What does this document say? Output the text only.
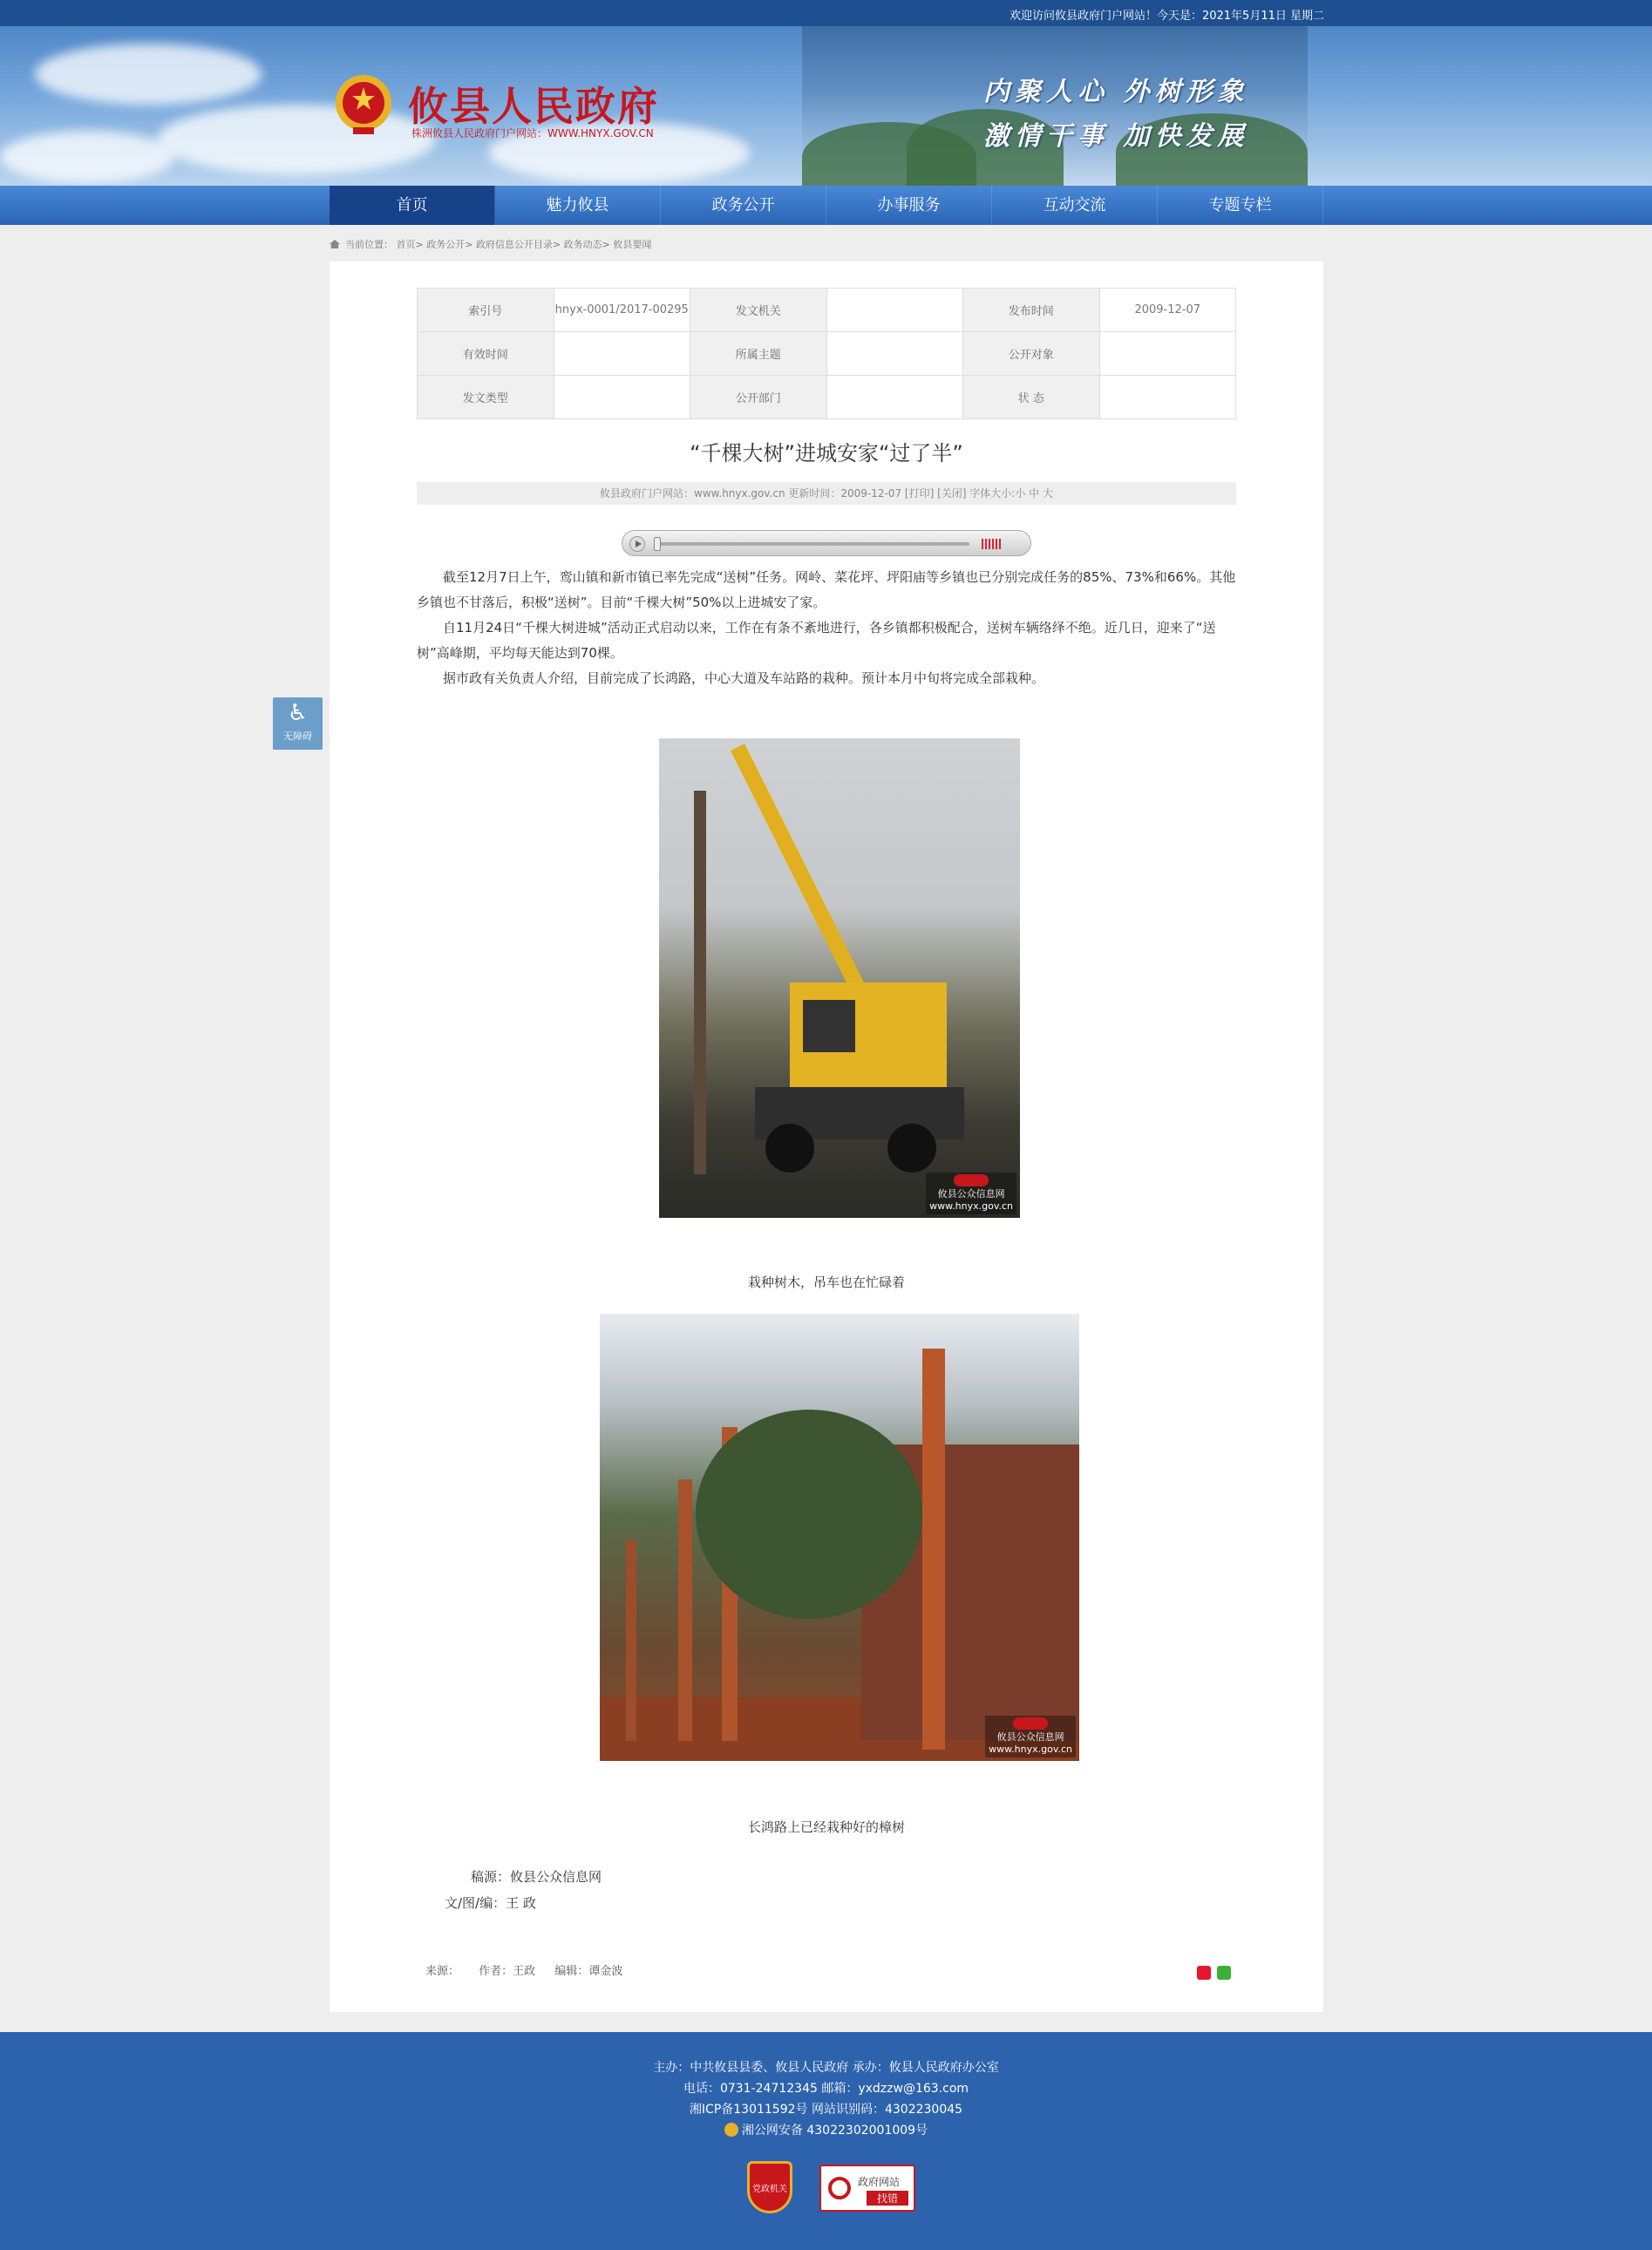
欢迎访问攸县政府门户网站！今天是：2021年5月11日 星期二
攸县人民政府
株洲攸县人民政府门户网站：WWW.HNYX.GOV.CN
内聚人心 外树形象
激情干事 加快发展
首页	魅力攸县	政务公开	办事服务	互动交流	专题专栏
当前位置： 首页> 政务公开> 政府信息公开目录> 政务动态> 攸县要闻
♿
无障碍
索引号	hnyx-0001/2017-00295	发文机关		发布时间	2009-12-07
有效时间		所属主题		公开对象	
发文类型		公开部门		状 态	
“千棵大树”进城安家“过了半”
攸县政府门户网站：www.hnyx.gov.cn 更新时间：2009-12-07 [打印] [关闭] 字体大小:小 中 大

截至12月7日上午，鸾山镇和新市镇已率先完成“送树”任务。网岭、菜花坪、坪阳庙等乡镇也已分别完成任务的85%、73%和66%。其他乡镇也不甘落后，积极“送树”。目前“千棵大树”50%以上进城安了家。

自11月24日“千棵大树进城”活动正式启动以来，工作在有条不紊地进行，各乡镇都积极配合，送树车辆络绎不绝。近几日，迎来了“送树”高峰期，平均每天能达到70棵。

据市政有关负责人介绍，目前完成了长鸿路，中心大道及车站路的栽种。预计本月中旬将完成全部栽种。

攸县公众信息网
www.hnyx.gov.cn
栽种树木，吊车也在忙碌着
攸县公众信息网
www.hnyx.gov.cn
长鸿路上已经栽种好的樟树
稿源：攸县公众信息网
文/图/编：王 政
来源： 作者：王政 编辑：谭金波
主办：中共攸县县委、攸县人民政府 承办：攸县人民政府办公室
电话：0731-24712345 邮箱：yxdzzw@163.com
湘ICP备13011592号 网站识别码：4302230045
湘公网安备 43022302001009号
党政机关
政府网站
找错
